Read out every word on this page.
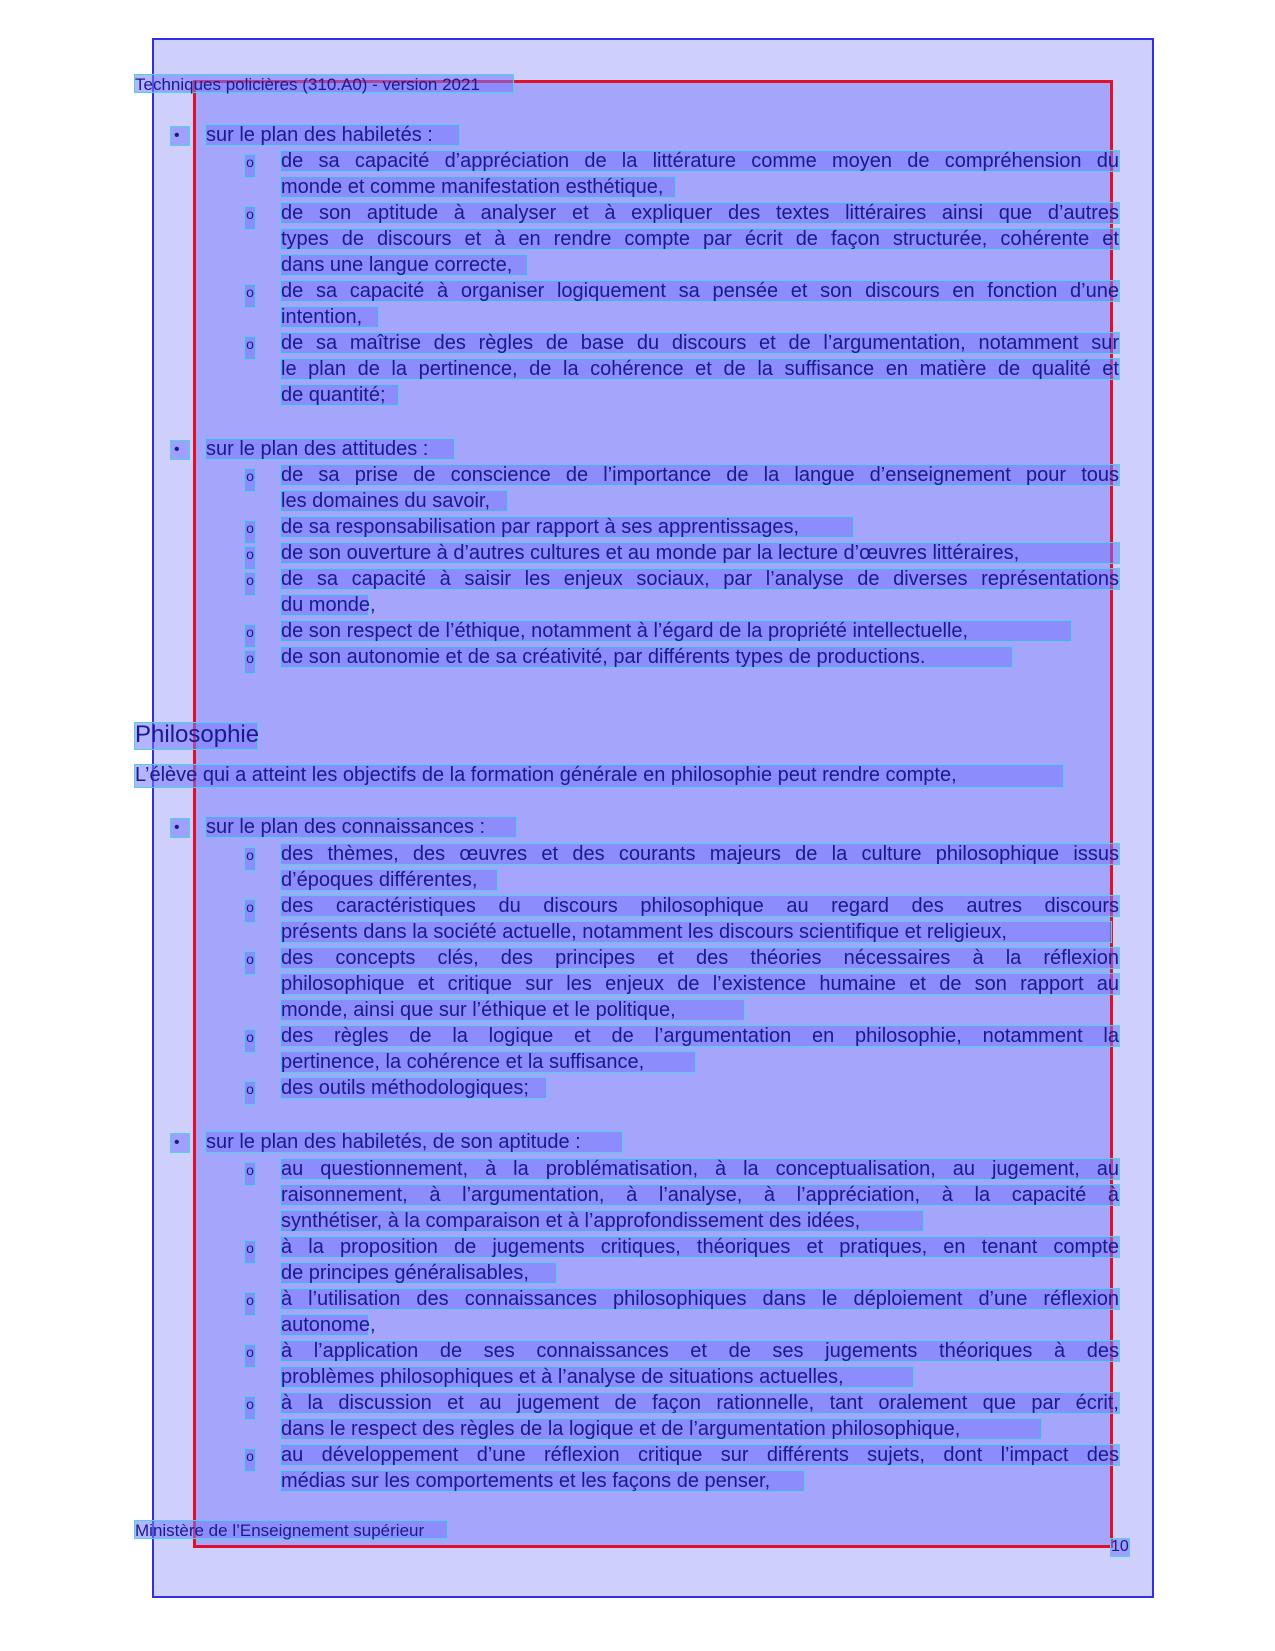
Techniques policières (310.A0) - version 2021
•	sur le plan des habiletés :
o de sa capacité d’appréciation de la littérature comme moyen de compréhension du
monde et comme manifestation esthétique,
o de son aptitude à analyser et à expliquer des textes littéraires ainsi que d’autres
types de discours et à en rendre compte par écrit de façon structurée, cohérente et
dans une langue correcte,
o de sa capacité à organiser logiquement sa pensée et son discours en fonction d’une
intention,
o de sa maîtrise des règles de base du discours et de l’argumentation, notamment sur
le plan de la pertinence, de la cohérence et de la suffisance en matière de qualité et
de quantité;
•	sur le plan des attitudes :
o de sa prise de conscience de l’importance de la langue d’enseignement pour tous
les domaines du savoir,
o de sa responsabilisation par rapport à ses apprentissages,
o de son ouverture à d’autres cultures et au monde par la lecture d’œuvres littéraires,
o de sa capacité à saisir les enjeux sociaux, par l’analyse de diverses représentations
du monde,
o de son respect de l’éthique, notamment à l’égard de la propriété intellectuelle,
o de son autonomie et de sa créativité, par différents types de productions.
Philosophie
L’élève qui a atteint les objectifs de la formation générale en philosophie peut rendre compte,
•	sur le plan des connaissances :
o des thèmes, des œuvres et des courants majeurs de la culture philosophique issus
d’époques différentes,
o des caractéristiques du discours philosophique au regard des autres discours
présents dans la société actuelle, notamment les discours scientifique et religieux,
o des concepts clés, des principes et des théories nécessaires à la réflexion
philosophique et critique sur les enjeux de l’existence humaine et de son rapport au
monde, ainsi que sur l’éthique et le politique,
o des règles de la logique et de l’argumentation en philosophie, notamment la
pertinence, la cohérence et la suffisance,
o des outils méthodologiques;
•	sur le plan des habiletés, de son aptitude :
o au questionnement, à la problématisation, à la conceptualisation, au jugement, au
raisonnement, à l’argumentation, à l’analyse, à l’appréciation, à la capacité à
synthétiser, à la comparaison et à l’approfondissement des idées,
o à la proposition de jugements critiques, théoriques et pratiques, en tenant compte
de principes généralisables,
o à l’utilisation des connaissances philosophiques dans le déploiement d’une réflexion
autonome,
o à l’application de ses connaissances et de ses jugements théoriques à des
problèmes philosophiques et à l’analyse de situations actuelles,
o à la discussion et au jugement de façon rationnelle, tant oralement que par écrit,
dans le respect des règles de la logique et de l’argumentation philosophique,
o au développement d’une réflexion critique sur différents sujets, dont l’impact des
médias sur les comportements et les façons de penser,
Ministère de l’Enseignement supérieur
10
